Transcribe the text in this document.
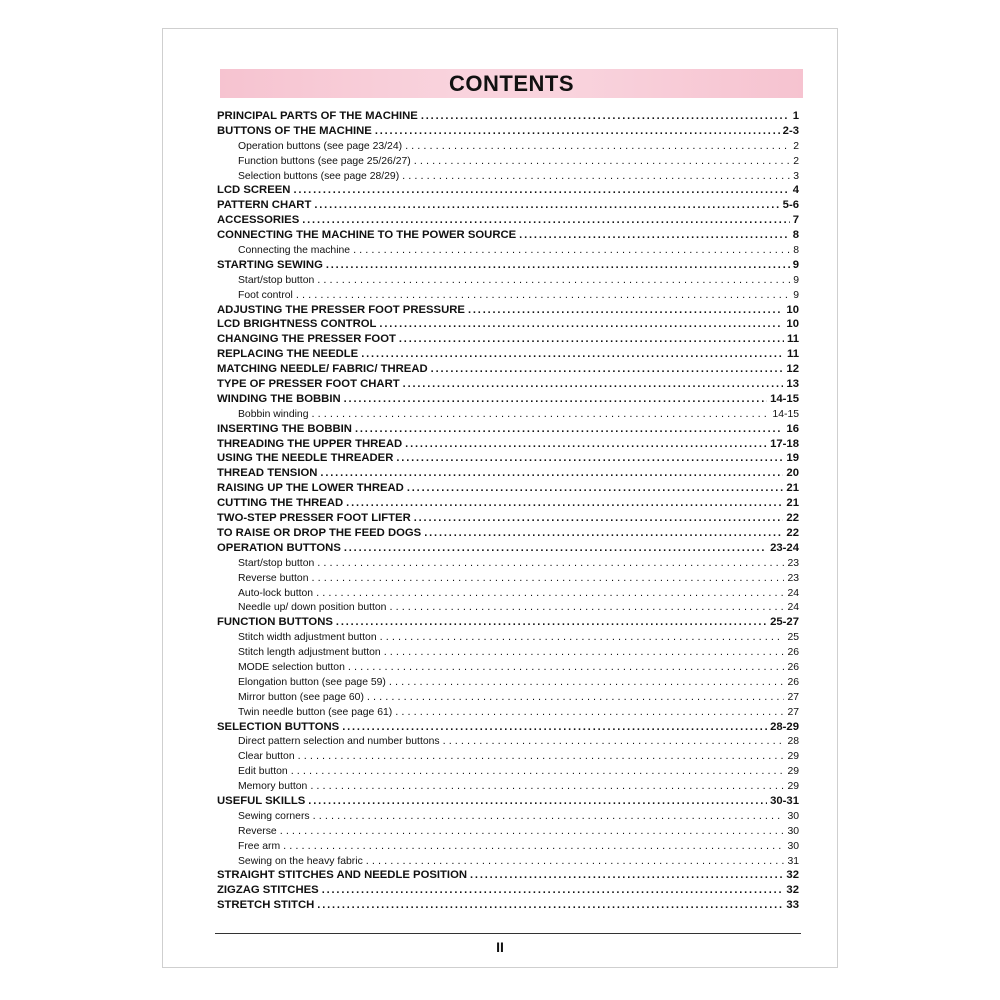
CONTENTS
PRINCIPAL PARTS OF THE MACHINE . . .	1
BUTTONS OF THE MACHINE . . .	2-3
Operation buttons (see page 23/24) . . .	2
Function buttons (see page 25/26/27) . . .	2
Selection buttons (see page 28/29) . . .	3
LCD SCREEN . . .	4
PATTERN CHART . . .	5-6
ACCESSORIES . . .	7
CONNECTING THE MACHINE TO THE POWER SOURCE . . .	8
Connecting the machine . . .	8
STARTING SEWING . . .	9
Start/stop button . . .	9
Foot control . . .	9
ADJUSTING THE PRESSER FOOT PRESSURE . . .	10
LCD BRIGHTNESS CONTROL . . .	10
CHANGING THE PRESSER FOOT . . .	11
REPLACING THE NEEDLE . . .	11
MATCHING NEEDLE/ FABRIC/ THREAD . . .	12
TYPE OF PRESSER FOOT CHART . . .	13
WINDING THE BOBBIN . . .	14-15
Bobbin winding . . .	14-15
INSERTING THE BOBBIN . . .	16
THREADING THE UPPER THREAD . . .	17-18
USING THE NEEDLE THREADER . . .	19
THREAD TENSION . . .	20
RAISING UP THE LOWER THREAD . . .	21
CUTTING THE THREAD . . .	21
TWO-STEP PRESSER FOOT LIFTER . . .	22
TO RAISE OR DROP THE FEED DOGS . . .	22
OPERATION BUTTONS . . .	23-24
Start/stop button . . .	23
Reverse button . . .	23
Auto-lock button . . .	24
Needle up/ down position button . . .	24
FUNCTION BUTTONS . . .	25-27
Stitch width adjustment button . . .	25
Stitch length adjustment button . . .	26
MODE selection button . . .	26
Elongation button (see page 59) . . .	26
Mirror button (see page 60) . . .	27
Twin needle button (see page 61) . . .	27
SELECTION BUTTONS . . .	28-29
Direct pattern selection and number buttons . . .	28
Clear button . . .	29
Edit button . . .	29
Memory button . . .	29
USEFUL SKILLS . . .	30-31
Sewing corners . . .	30
Reverse . . .	30
Free arm . . .	30
Sewing on the heavy fabric . . .	31
STRAIGHT STITCHES AND NEEDLE POSITION . . .	32
ZIGZAG STITCHES . . .	32
STRETCH STITCH . . .	33
II
